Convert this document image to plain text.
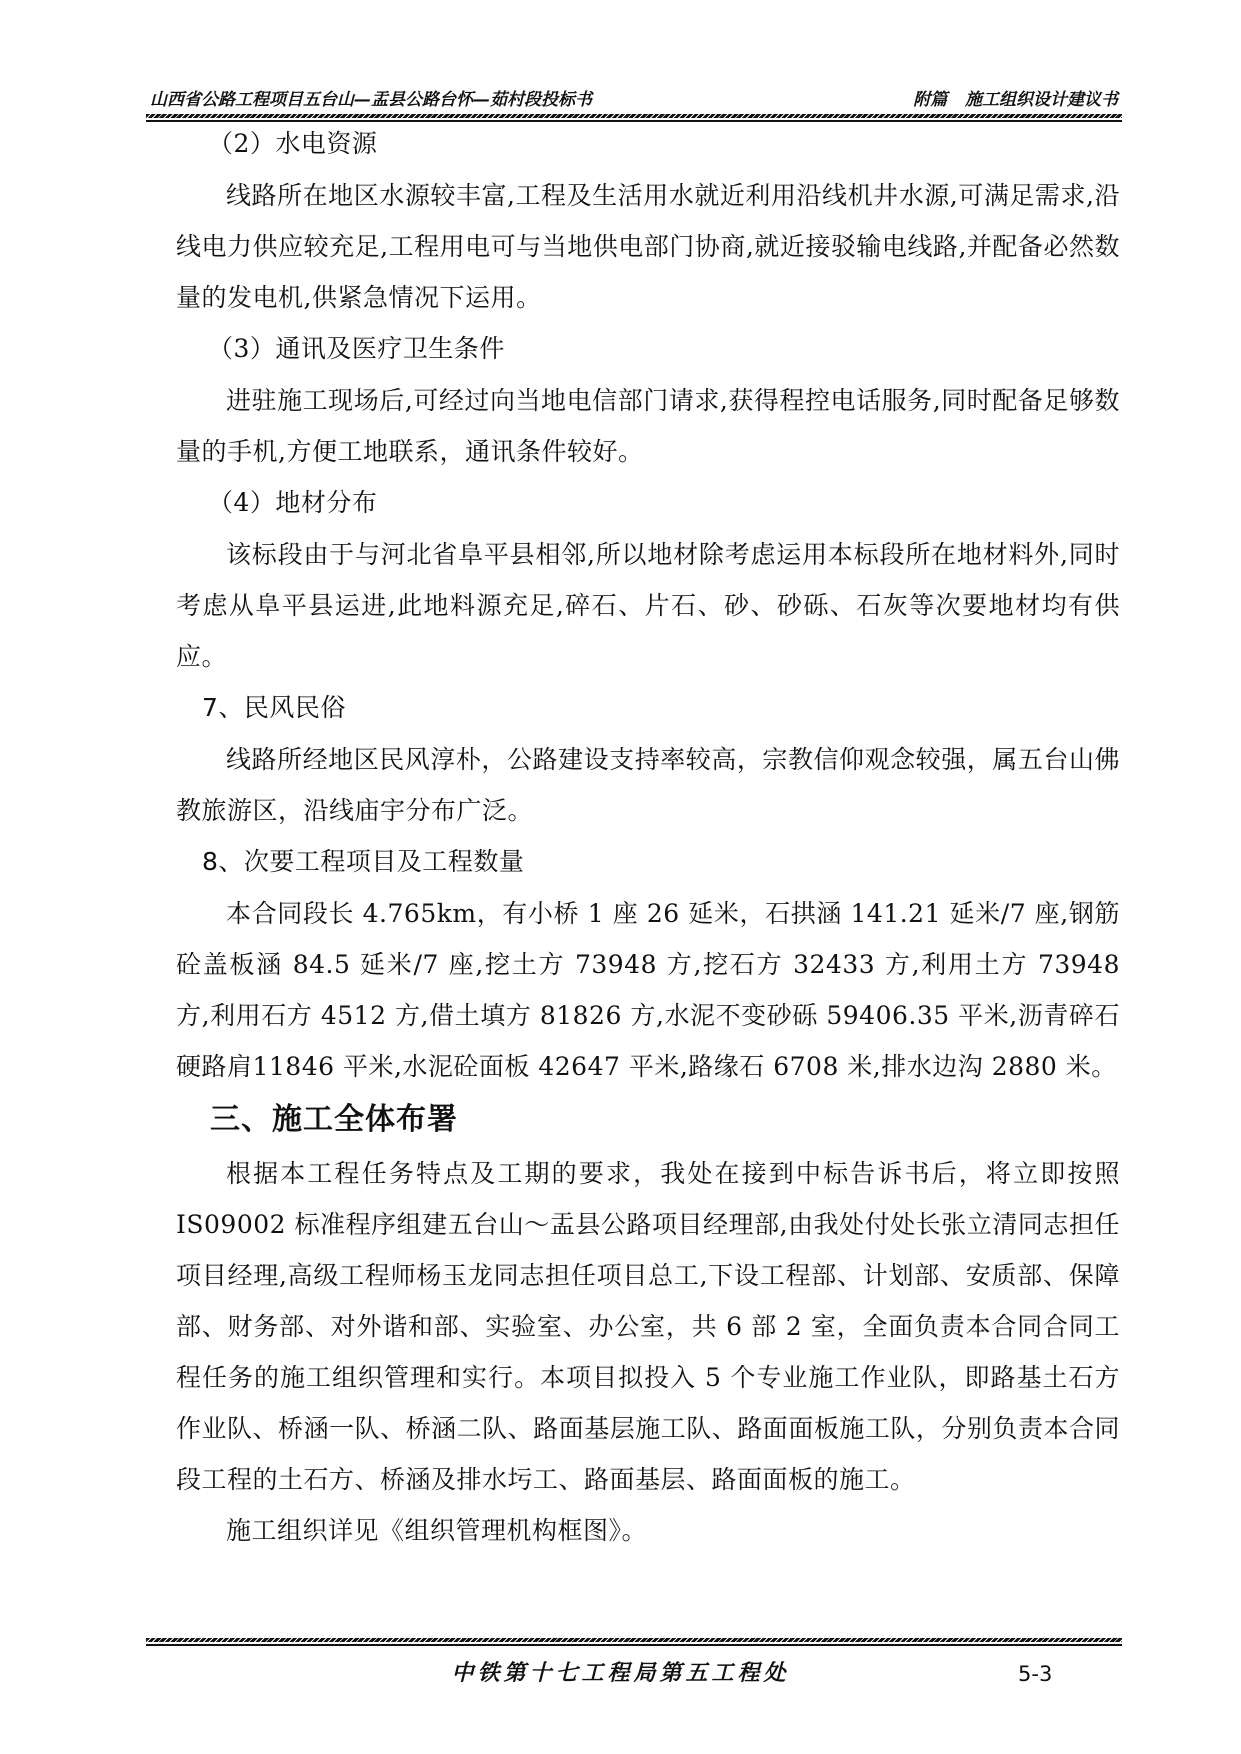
山西省公路工程项目五台山—盂县公路台怀—茹村段投标书	附篇   施工组织设计建议书

（2）水电资源

线路所在地区水源较丰富,工程及生活用水就近利用沿线机井水源,可满足需求,沿线电力供应较充足,工程用电可与当地供电部门协商,就近接驳输电线路,并配备必然数量的发电机,供紧急情况下运用。

（3）通讯及医疗卫生条件

进驻施工现场后,可经过向当地电信部门请求,获得程控电话服务,同时配备足够数量的手机,方便工地联系，通讯条件较好。

（4）地材分布

该标段由于与河北省阜平县相邻,所以地材除考虑运用本标段所在地材料外,同时考虑从阜平县运进,此地料源充足,碎石、片石、砂、砂砾、石灰等次要地材均有供应。

7、民风民俗

线路所经地区民风淳朴，公路建设支持率较高，宗教信仰观念较强，属五台山佛教旅游区，沿线庙宇分布广泛。

8、次要工程项目及工程数量

本合同段长 4.765km，有小桥 1 座 26 延米，石拱涵 141.21 延米/7 座,钢筋砼盖板涵 84.5 延米/7 座,挖土方 73948 方,挖石方 32433 方,利用土方 73948 方,利用石方 4512 方,借土填方 81826 方,水泥不变砂砾 59406.35 平米,沥青碎石硬路肩11846 平米,水泥砼面板 42647 平米,路缘石 6708 米,排水边沟 2880 米。

三、施工全体布署

根据本工程任务特点及工期的要求，我处在接到中标告诉书后，将立即按照IS09002 标准程序组建五台山～盂县公路项目经理部,由我处付处长张立清同志担任项目经理,高级工程师杨玉龙同志担任项目总工,下设工程部、计划部、安质部、保障部、财务部、对外谐和部、实验室、办公室，共 6 部 2 室，全面负责本合同合同工程任务的施工组织管理和实行。本项目拟投入 5 个专业施工作业队，即路基土石方作业队、桥涵一队、桥涵二队、路面基层施工队、路面面板施工队，分别负责本合同段工程的土石方、桥涵及排水圬工、路面基层、路面面板的施工。

施工组织详见《组织管理机构框图》。

中铁第十七工程局第五工程处	5-3
